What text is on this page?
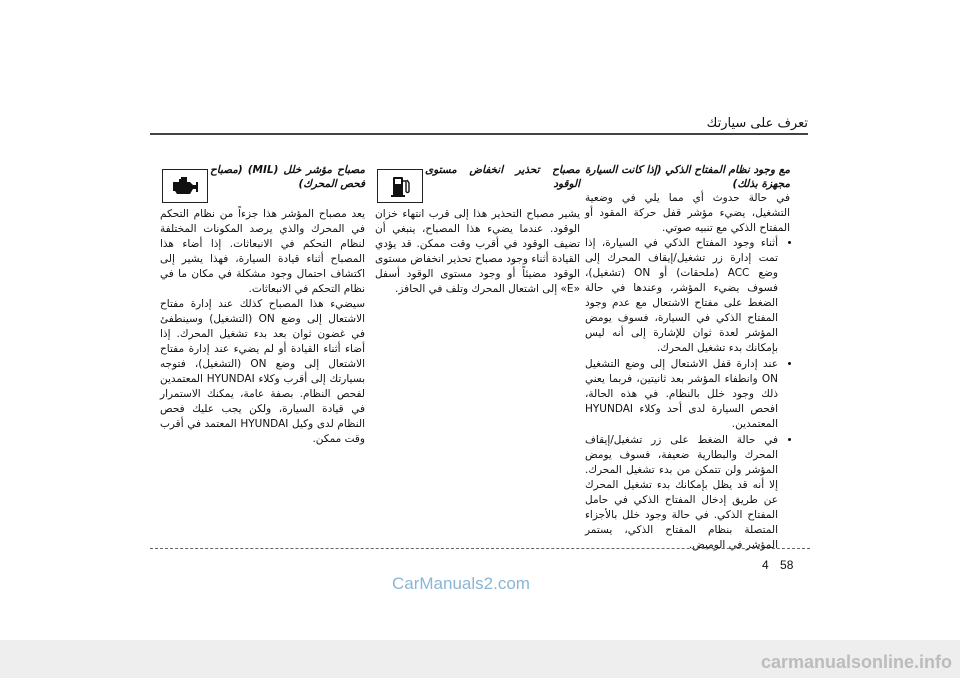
تعرف على سيارتك

مع وجود نظام المفتاح الذكي (إذا كانت السيارة مجهزة بذلك)

في حالة حدوث أي مما يلي في وضعية التشغيل، يضيء مؤشر قفل حركة المقود أو المفتاح الذكي مع تنبيه صوتي.

• أثناء وجود المفتاح الذكي في السيارة، إذا تمت إدارة زر تشغيل/إيقاف المحرك إلى وضع ACC (ملحقات) أو ON (تشغيل)، فسوف يضيء المؤشر، وعندها في حالة الضغط على مفتاح الاشتعال مع عدم وجود المفتاح الذكي في السيارة، فسوف يومض المؤشر لعدة ثوان للإشارة إلى أنه ليس بإمكانك بدء تشغيل المحرك.
• عند إدارة قفل الاشتعال إلى وضع التشغيل ON وانطفاء المؤشر بعد ثانيتين، فربما يعني ذلك وجود خلل بالنظام. في هذه الحالة، افحص السيارة لدى أحد وكلاء HYUNDAI المعتمدين.
• في حالة الضغط على زر تشغيل/إيقاف المحرك والبطارية ضعيفة، فسوف يومض المؤشر ولن تتمكن من بدء تشغيل المحرك. إلا أنه قد يظل بإمكانك بدء تشغيل المحرك عن طريق إدخال المفتاح الذكي في حامل المفتاح الذكي. في حالة وجود خلل بالأجزاء المتصلة بنظام المفتاح الذكي، يستمر المؤشر في الوميض.

مصباح تحذير انخفاض مستوى الوقود

يشير مصباح التحذير هذا إلى قرب انتهاء خزان الوقود. عندما يضيء هذا المصباح، ينبغي أن تضيف الوقود في أقرب وقت ممكن. قد يؤدي القيادة أثناء وجود مصباح تحذير انخفاض مستوى الوقود مضيئاً أو وجود مستوى الوقود أسفل «E» إلى اشتعال المحرك وتلف في الحافز.

مصباح مؤشر خلل (MIL) (مصباح فحص المحرك)

يعد مصباح المؤشر هذا جزءاً من نظام التحكم في المحرك والذي يرصد المكونات المختلفة لنظام التحكم في الانبعاثات. إذا أضاء هذا المصباح أثناء قيادة السيارة، فهذا يشير إلى اكتشاف احتمال وجود مشكلة في مكان ما في نظام التحكم في الانبعاثات.

سيضيء هذا المصباح كذلك عند إدارة مفتاح الاشتعال إلى وضع ON (التشغيل) وسينطفئ في غضون ثوان بعد بدء تشغيل المحرك. إذا أضاء أثناء القيادة أو لم يضيء عند إدارة مفتاح الاشتعال إلى وضع ON (التشغيل)، فتوجه بسيارتك إلى أقرب وكلاء HYUNDAI المعتمدين لفحص النظام. بصفة عامة، يمكنك الاستمرار في قيادة السيارة، ولكن يجب عليك فحص النظام لدى وكيل HYUNDAI المعتمد في أقرب وقت ممكن.

4 58
CarManuals2.com
carmanualsonline.info
